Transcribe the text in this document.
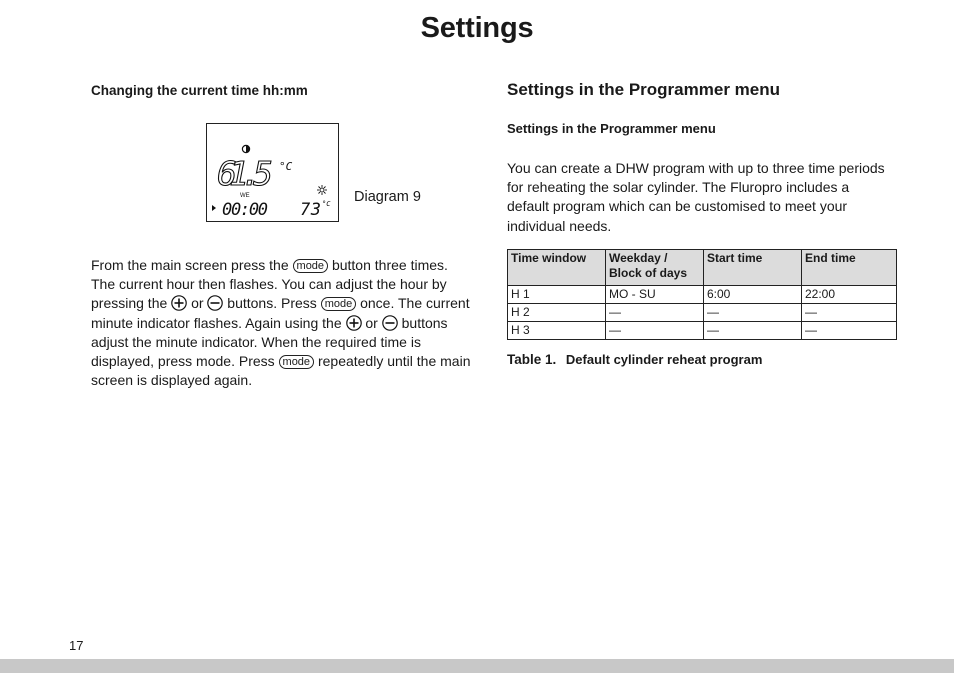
Settings
Changing the current time hh:mm
61.5 °C
WE
00:00 73 °C Diagram 9
From the main screen press the mode button three times. The current hour then flashes. You can adjust the hour by pressing the or buttons. Press mode once. The current minute indicator flashes. Again using the or buttons adjust the minute indicator. When the required time is displayed, press mode. Press mode repeatedly until the main screen is displayed again.
Settings in the Programmer menu
Settings in the Programmer menu
You can create a DHW program with up to three time periods for reheating the solar cylinder. The Fluropro includes a default program which can be customised to meet your individual needs.
Time window	Weekday / Block of days	Start time	End time
H 1	MO - SU	6:00	22:00
H 2	—	—	—
H 3	—	—	—
Table 1. Default cylinder reheat program
17
